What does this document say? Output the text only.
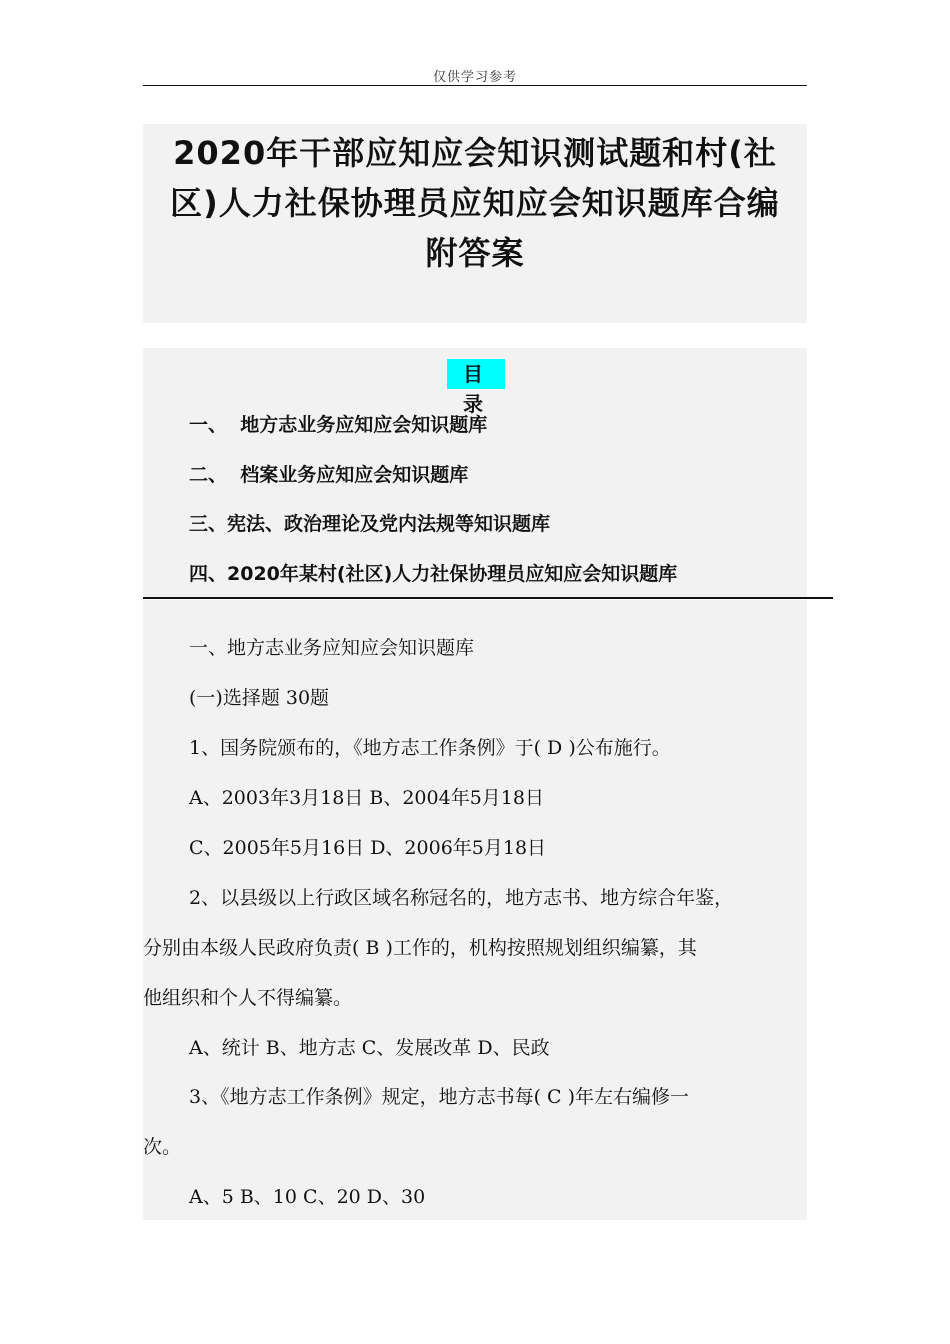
仅供学习参考
2020年干部应知应会知识测试题和村(社
区)人力社保协理员应知应会知识题库合编
附答案
目 录
一、  地方志业务应知应会知识题库
二、  档案业务应知应会知识题库
三、宪法、政治理论及党内法规等知识题库
四、2020年某村(社区)人力社保协理员应知应会知识题库
一、地方志业务应知应会知识题库
(一)选择题 30题
1、国务院颁布的，《地方志工作条例》于( D )公布施行。
A、2003年3月18日 B、2004年5月18日
C、2005年5月16日 D、2006年5月18日
2、以县级以上行政区域名称冠名的，地方志书、地方综合年鉴，
分别由本级人民政府负责( B )工作的，机构按照规划组织编纂，其
他组织和个人不得编纂。
A、统计 B、地方志 C、发展改革 D、民政
3、《地方志工作条例》规定，地方志书每( C )年左右编修一
次。
A、5 B、10 C、20 D、30
